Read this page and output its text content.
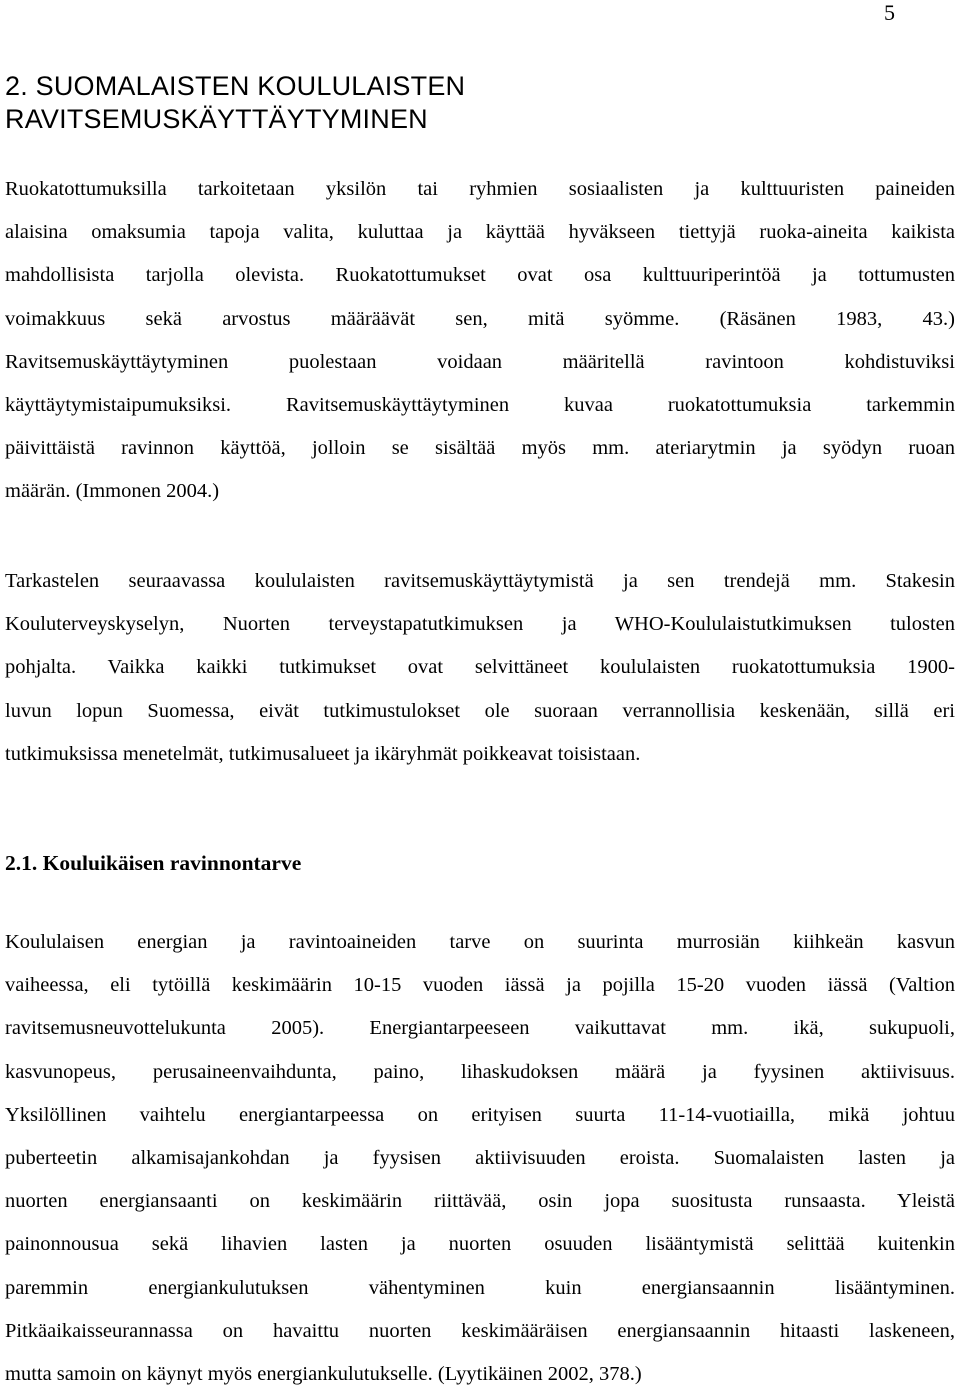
5
2. SUOMALAISTEN KOULULAISTEN
RAVITSEMUSKÄYTTÄYTYMINEN
Ruokatottumuksilla tarkoitetaan yksilön tai ryhmien sosiaalisten ja kulttuuristen paineiden
alaisina omaksumia tapoja valita, kuluttaa ja käyttää hyväkseen tiettyjä ruoka-aineita kaikista
mahdollisista tarjolla olevista. Ruokatottumukset ovat osa kulttuuriperintöä ja tottumusten
voimakkuus sekä arvostus määräävät sen, mitä syömme. (Räsänen 1983, 43.)
Ravitsemuskäyttäytyminen puolestaan voidaan määritellä ravintoon kohdistuviksi
käyttäytymistaipumuksiksi. Ravitsemuskäyttäytyminen kuvaa ruokatottumuksia tarkemmin
päivittäistä ravinnon käyttöä, jolloin se sisältää myös mm. ateriarytmin ja syödyn ruoan
määrän. (Immonen 2004.)
Tarkastelen seuraavassa koululaisten ravitsemuskäyttäytymistä ja sen trendejä mm. Stakesin
Kouluterveyskyselyn, Nuorten terveystapatutkimuksen ja WHO-Koululaistutkimuksen tulosten
pohjalta. Vaikka kaikki tutkimukset ovat selvittäneet koululaisten ruokatottumuksia 1900-
luvun lopun Suomessa, eivät tutkimustulokset ole suoraan verrannollisia keskenään, sillä eri
tutkimuksissa menetelmät, tutkimusalueet ja ikäryhmät poikkeavat toisistaan.
2.1. Kouluikäisen ravinnontarve
Koululaisen energian ja ravintoaineiden tarve on suurinta murrosiän kiihkeän kasvun
vaiheessa, eli tytöillä keskimäärin 10-15 vuoden iässä ja pojilla 15-20 vuoden iässä (Valtion
ravitsemusneuvottelukunta 2005). Energiantarpeeseen vaikuttavat mm. ikä, sukupuoli,
kasvunopeus, perusaineenvaihdunta, paino, lihaskudoksen määrä ja fyysinen aktiivisuus.
Yksilöllinen vaihtelu energiantarpeessa on erityisen suurta 11-14-vuotiailla, mikä johtuu
puberteetin alkamisajankohdan ja fyysisen aktiivisuuden eroista. Suomalaisten lasten ja
nuorten energiansaanti on keskimäärin riittävää, osin jopa suositusta runsaasta. Yleistä
painonnousua sekä lihavien lasten ja nuorten osuuden lisääntymistä selittää kuitenkin
paremmin energiankulutuksen vähentyminen kuin energiansaannin lisääntyminen.
Pitkäaikaisseurannassa on havaittu nuorten keskimääräisen energiansaannin hitaasti laskeneen,
mutta samoin on käynyt myös energiankulutukselle. (Lyytikäinen 2002, 378.)
